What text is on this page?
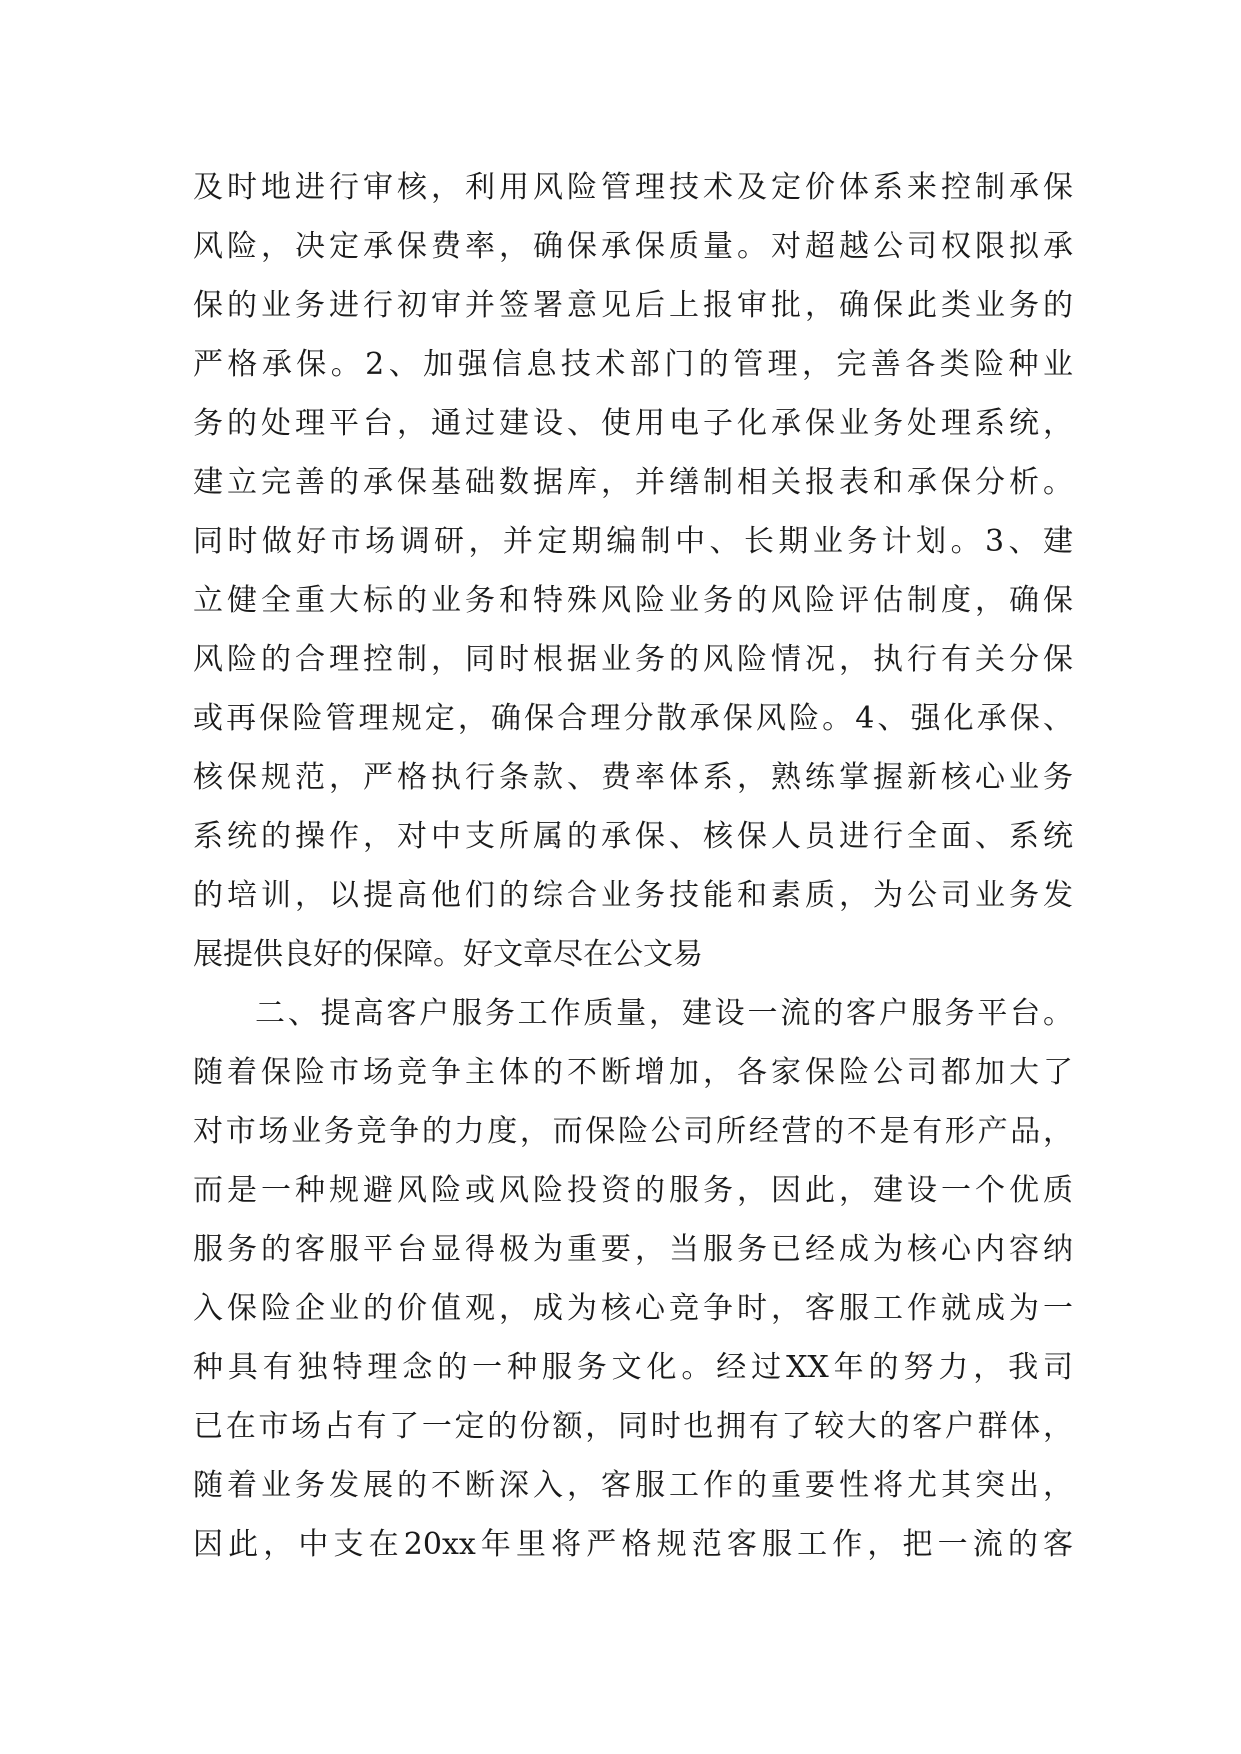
及时地进行审核，利用风险管理技术及定价体系来控制承保
风险，决定承保费率，确保承保质量。对超越公司权限拟承
保的业务进行初审并签署意见后上报审批，确保此类业务的
严格承保。2、加强信息技术部门的管理，完善各类险种业
务的处理平台，通过建设、使用电子化承保业务处理系统，
建立完善的承保基础数据库，并缮制相关报表和承保分析。
同时做好市场调研，并定期编制中、长期业务计划。3、建
立健全重大标的业务和特殊风险业务的风险评估制度，确保
风险的合理控制，同时根据业务的风险情况，执行有关分保
或再保险管理规定，确保合理分散承保风险。4、强化承保、
核保规范，严格执行条款、费率体系，熟练掌握新核心业务
系统的操作，对中支所属的承保、核保人员进行全面、系统
的培训，以提高他们的综合业务技能和素质，为公司业务发
展提供良好的保障。好文章尽在公文易
二、提高客户服务工作质量，建设一流的客户服务平台。
随着保险市场竞争主体的不断增加，各家保险公司都加大了
对市场业务竞争的力度，而保险公司所经营的不是有形产品，
而是一种规避风险或风险投资的服务，因此，建设一个优质
服务的客服平台显得极为重要，当服务已经成为核心内容纳
入保险企业的价值观，成为核心竞争时，客服工作就成为一
种具有独特理念的一种服务文化。经过XX年的努力，我司
已在市场占有了一定的份额，同时也拥有了较大的客户群体，
随着业务发展的不断深入，客服工作的重要性将尤其突出，
因此，中支在20xx年里将严格规范客服工作，把一流的客
